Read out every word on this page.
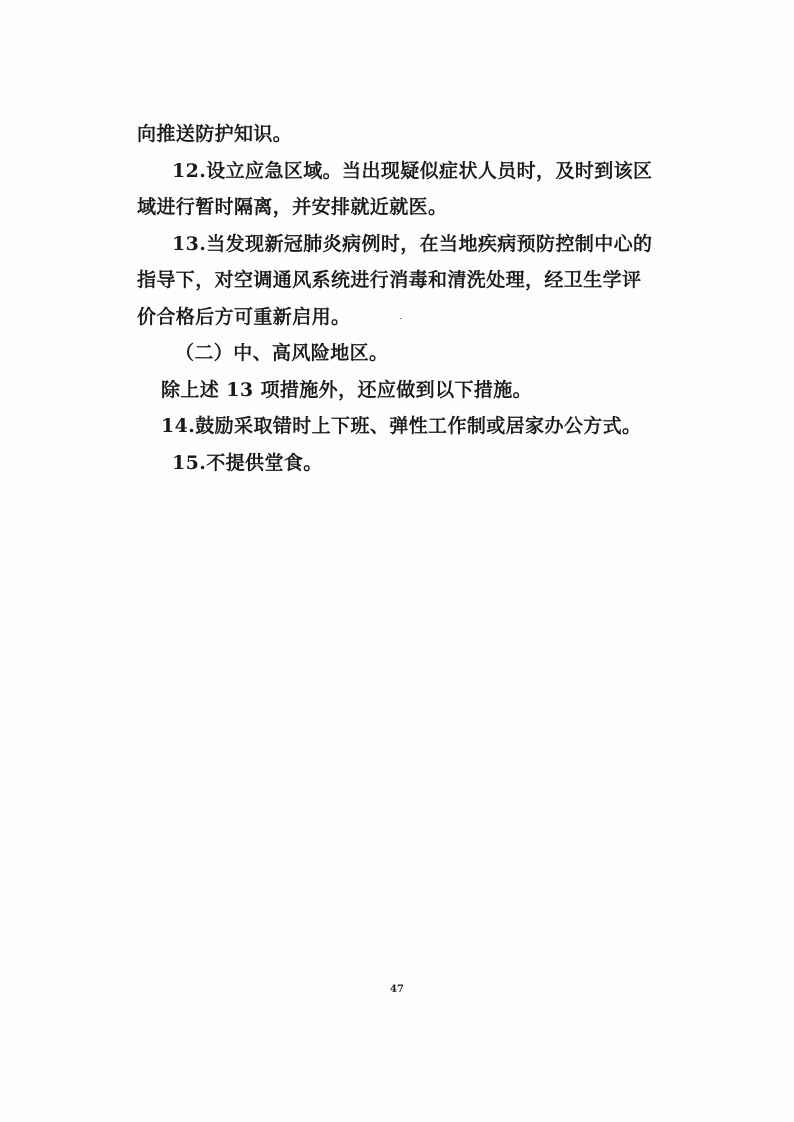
向推送防护知识。

12.设立应急区域。当出现疑似症状人员时，及时到该区

域进行暂时隔离，并安排就近就医。

13.当发现新冠肺炎病例时，在当地疾病预防控制中心的

指导下，对空调通风系统进行消毒和清洗处理，经卫生学评

价合格后方可重新启用。

（二）中、高风险地区。

除上述 13 项措施外，还应做到以下措施。

14.鼓励采取错时上下班、弹性工作制或居家办公方式。

15.不提供堂食。

47
